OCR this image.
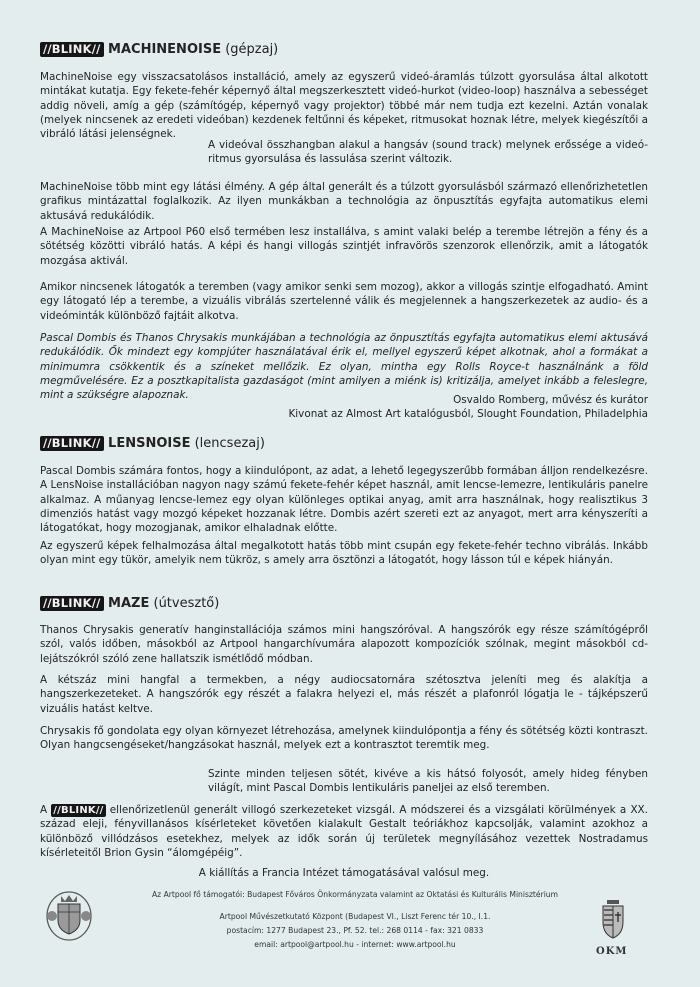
//BLINK// MACHINENOISE (gépzaj)

MachineNoise egy visszacsatolásos installáció, amely az egyszerű videó-áramlás túlzott gyorsulása által alkotott mintákat kutatja. Egy fekete-fehér képernyő által megszerkesztett videó-hurkot (video-loop) használva a sebességet addig növeli, amíg a gép (számítógép, képernyő vagy projektor) többé már nem tudja ezt kezelni. Aztán vonalak (melyek nincsenek az eredeti videóban) kezdenek feltűnni és képeket, ritmusokat hoznak létre, melyek kiegészítői a vibráló látási jelenségnek.

A videóval összhangban alakul a hangsáv (sound track) melynek erőssége a videó-ritmus gyorsulása és lassulása szerint változik.

MachineNoise több mint egy látási élmény. A gép által generált és a túlzott gyorsulásból származó ellenőrizhetetlen grafikus mintázattal foglalkozik. Az ilyen munkákban a technológia az önpusztítás egyfajta automatikus elemi aktusává redukálódik.

A MachineNoise az Artpool P60 első termében lesz installálva, s amint valaki belép a terembe létrejön a fény és a sötétség közötti vibráló hatás. A képi és hangi villogás szintjét infravörös szenzorok ellenőrzik, amit a látogatók mozgása aktivál.

Amikor nincsenek látogatók a teremben (vagy amikor senki sem mozog), akkor a villogás szintje elfogadható. Amint egy látogató lép a terembe, a vizuális vibrálás szertelenné válik és megjelennek a hangszerkezetek az audio- és a videóminták különböző fajtáit alkotva.

Pascal Dombis és Thanos Chrysakis munkájában a technológia az önpusztítás egyfajta automatikus elemi aktusává redukálódik. Ők mindezt egy kompjúter használatával érik el, mellyel egyszerű képet alkotnak, ahol a formákat a minimumra csökkentik és a színeket mellőzik. Ez olyan, mintha egy Rolls Royce-t használnánk a föld megművelésére. Ez a posztkapitalista gazdaságot (mint amilyen a miénk is) kritizálja, amelyet inkább a feleslegre, mint a szükségre alapoznak.	Osvaldo Romberg, művész és kurátor

Kivonat az Almost Art katalógusból, Slought Foundation, Philadelphia

//BLINK// LENSNOISE (lencsezaj)

Pascal Dombis számára fontos, hogy a kiindulópont, az adat, a lehető legegyszerűbb formában álljon rendelkezésre. A LensNoise installációban nagyon nagy számú fekete-fehér képet használ, amit lencse-lemezre, lentikuláris panelre alkalmaz. A műanyag lencse-lemez egy olyan különleges optikai anyag, amit arra használnak, hogy realisztikus 3 dimenziós hatást vagy mozgó képeket hozzanak létre. Dombis azért szereti ezt az anyagot, mert arra kényszeríti a látogatókat, hogy mozogjanak, amikor elhaladnak előtte.

Az egyszerű képek felhalmozása által megalkotott hatás több mint csupán egy fekete-fehér techno vibrálás. Inkább olyan mint egy tükör, amelyik nem tükröz, s amely arra ösztönzi a látogatót, hogy lásson túl e képek hiányán.

//BLINK// MAZE (útvesztő)

Thanos Chrysakis generatív hanginstallációja számos mini hangszóróval. A hangszórók egy része számítógépről szól, valós időben, másokból az Artpool hangarchívumára alapozott kompozíciók szólnak, megint másokból cd-lejátszókról szóló zene hallatszik ismétlődő módban.

A kétszáz mini hangfal a termekben, a négy audiocsatornára szétosztva jeleníti meg és alakítja a hangszerkezeteket. A hangszórók egy részét a falakra helyezi el, más részét a plafonról lógatja le - tájképszerű vizuális hatást keltve.

Chrysakis fő gondolata egy olyan környezet létrehozása, amelynek kiindulópontja a fény és sötétség közti kontraszt. Olyan hangcsengéseket/hangzásokat használ, melyek ezt a kontrasztot teremtik meg.

Szinte minden teljesen sötét, kivéve a kis hátsó folyosót, amely hideg fényben világít, mint Pascal Dombis lentikuláris paneljei az első teremben.

A //BLINK// ellenőrizetlenül generált villogó szerkezeteket vizsgál. A módszerei és a vizsgálati körülmények a XX. század eleji, fényvillanásos kísérleteket követően kialakult Gestalt teóriákhoz kapcsolják, valamint azokhoz a különböző villódzásos esetekhez, melyek az idők során új területek megnyílásához vezettek Nostradamus kísérleteitől Brion Gysin “álomgépéig”.

A kiállítás a Francia Intézet támogatásával valósul meg.

Az Artpool fő támogatói: Budapest Főváros Önkormányzata valamint az Oktatási és Kulturális Minisztérium
Artpool Művészetkutató Központ (Budapest VI., Liszt Ferenc tér 10., I.1.
postacím: 1277 Budapest 23., Pf. 52. tel.: 268 0114 - fax: 321 0833
email: artpool@artpool.hu - internet: www.artpool.hu
OKM
